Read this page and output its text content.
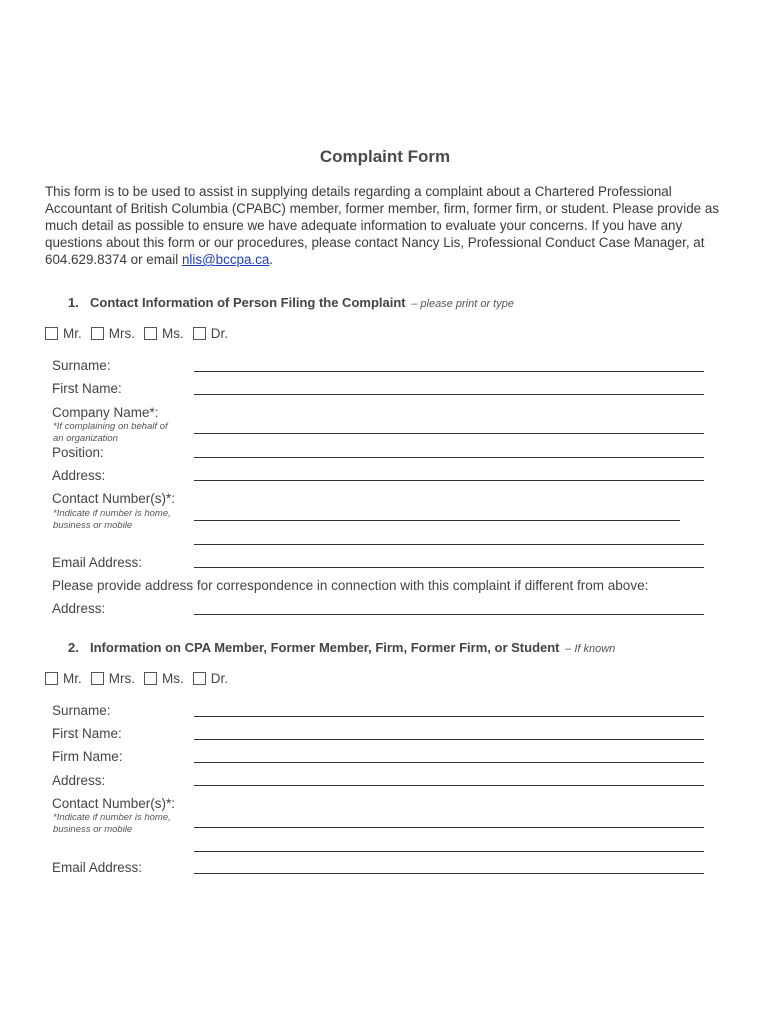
Complaint Form
This form is to be used to assist in supplying details regarding a complaint about a Chartered Professional Accountant of British Columbia (CPABC) member, former member, firm, former firm, or student. Please provide as much detail as possible to ensure we have adequate information to evaluate your concerns. If you have any questions about this form or our procedures, please contact Nancy Lis, Professional Conduct Case Manager, at 604.629.8374 or email nlis@bccpa.ca.
1. Contact Information of Person Filing the Complaint – please print or type
Mr. Mrs. Ms. Dr.
Surname:
First Name:
Company Name*:
*If complaining on behalf of
an organization
Position:
Address:
Contact Number(s)*:
*Indicate if number is home,
business or mobile
Email Address:
Please provide address for correspondence in connection with this complaint if different from above:
Address:
2. Information on CPA Member, Former Member, Firm, Former Firm, or Student – If known
Mr. Mrs. Ms. Dr.
Surname:
First Name:
Firm Name:
Address:
Contact Number(s)*:
*Indicate if number is home,
business or mobile
Email Address:
